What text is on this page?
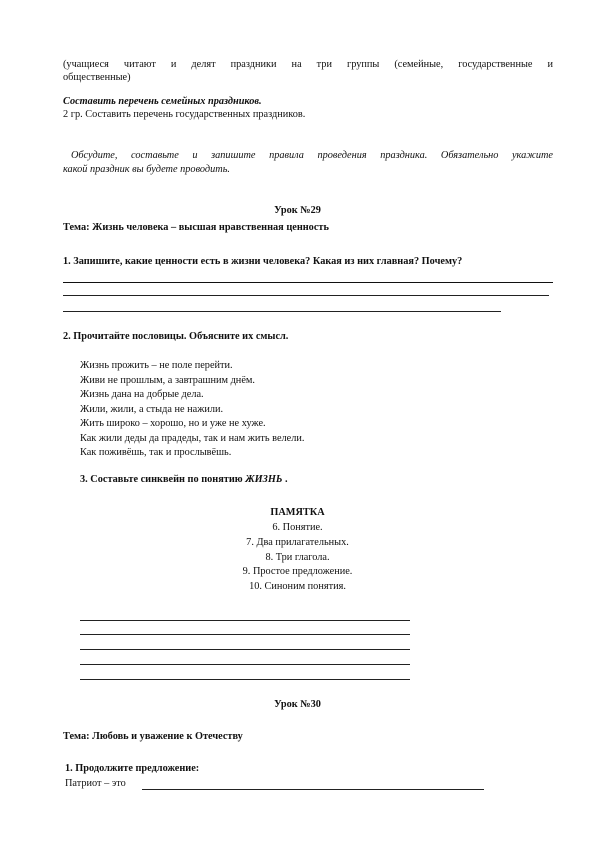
(учащиеся читают и делят праздники на три группы (семейные, государственные и
общественные)
Составить перечень семейных праздников.
2 гр. Составить перечень государственных праздников.
Обсудите, составьте и запишите правила проведения праздника. Обязательно укажите
какой праздник вы будете проводить.
Урок №29
Тема: Жизнь человека – высшая нравственная ценность
1. Запишите, какие ценности есть в жизни человека? Какая из них главная? Почему?
2. Прочитайте пословицы. Объясните их смысл.
Жизнь прожить – не поле перейти.
Живи не прошлым, а завтрашним днём.
Жизнь дана на добрые дела.
Жили, жили, а стыда не нажили.
Жить широко – хорошо, но и уже не хуже.
Как жили деды да прадеды, так и нам жить велели.
Как поживёшь, так и прослывёшь.
3. Составьте синквейн по понятию ЖИЗНЬ .
ПАМЯТКА
6. Понятие.
7. Два прилагательных.
8. Три глагола.
9. Простое предложение.
10. Синоним понятия.
Урок №30
Тема: Любовь и уважение к Отечеству
1. Продолжите предложение:
Патриот – это
